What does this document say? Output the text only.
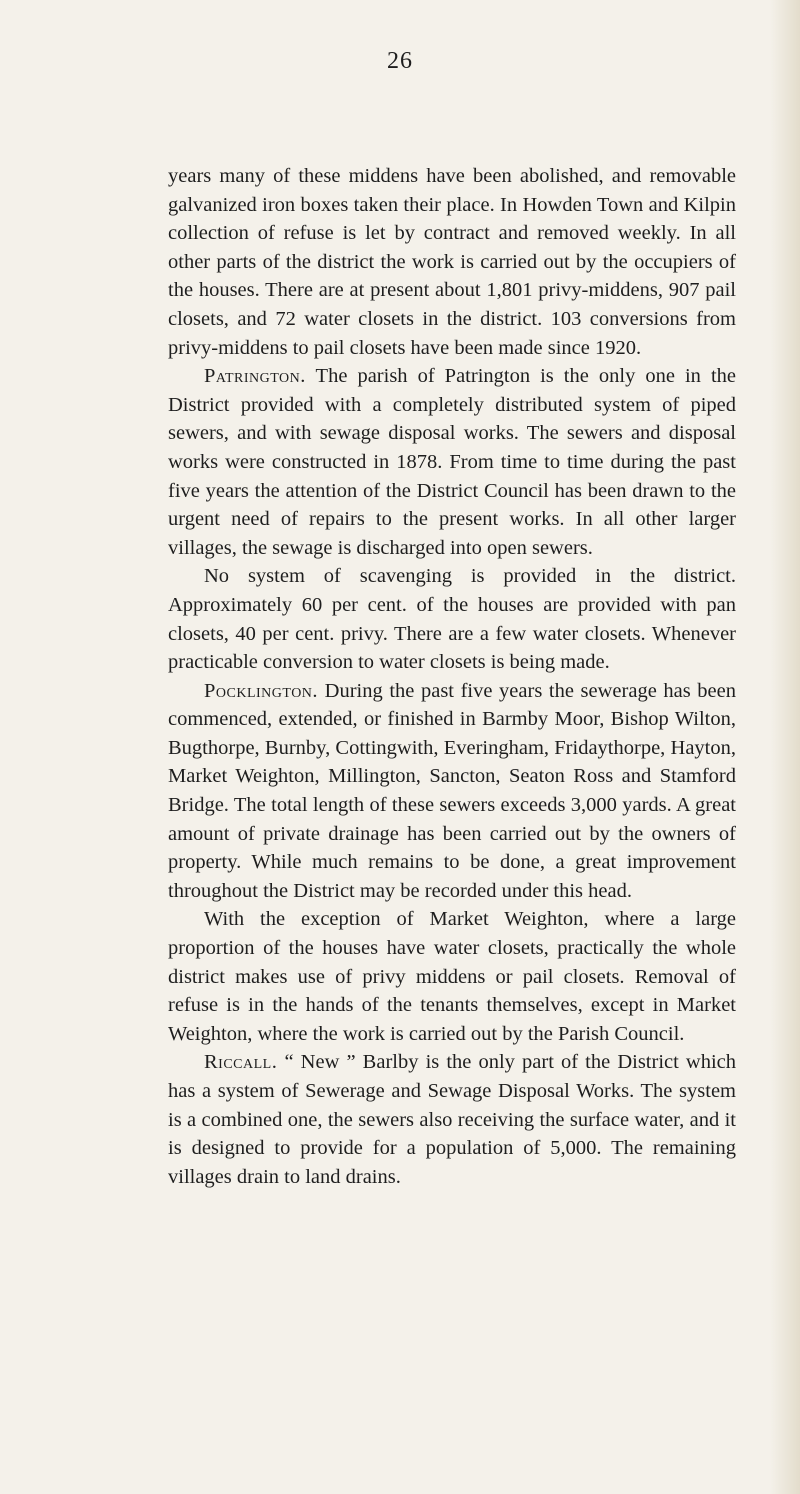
26

years many of these middens have been abolished, and removable galvanized iron boxes taken their place. In Howden Town and Kilpin collection of refuse is let by contract and removed weekly. In all other parts of the district the work is carried out by the occupiers of the houses. There are at present about 1,801 privy-middens, 907 pail closets, and 72 water closets in the district. 103 conversions from privy-middens to pail closets have been made since 1920.

Patrington. The parish of Patrington is the only one in the District provided with a completely distributed system of piped sewers, and with sewage disposal works. The sewers and disposal works were constructed in 1878. From time to time during the past five years the attention of the District Council has been drawn to the urgent need of repairs to the present works. In all other larger villages, the sewage is discharged into open sewers.

No system of scavenging is provided in the district. Approximately 60 per cent. of the houses are provided with pan closets, 40 per cent. privy. There are a few water closets. Whenever practicable conversion to water closets is being made.

Pocklington. During the past five years the sewerage has been commenced, extended, or finished in Barmby Moor, Bishop Wilton, Bugthorpe, Burnby, Cottingwith, Everingham, Fridaythorpe, Hayton, Market Weighton, Millington, Sancton, Seaton Ross and Stamford Bridge. The total length of these sewers exceeds 3,000 yards. A great amount of private drainage has been carried out by the owners of property. While much remains to be done, a great improvement throughout the District may be recorded under this head.

With the exception of Market Weighton, where a large proportion of the houses have water closets, practically the whole district makes use of privy middens or pail closets. Removal of refuse is in the hands of the tenants themselves, except in Market Weighton, where the work is carried out by the Parish Council.

Riccall. “ New ” Barlby is the only part of the District which has a system of Sewerage and Sewage Disposal Works. The system is a combined one, the sewers also receiving the surface water, and it is designed to provide for a population of 5,000. The remaining villages drain to land drains.
